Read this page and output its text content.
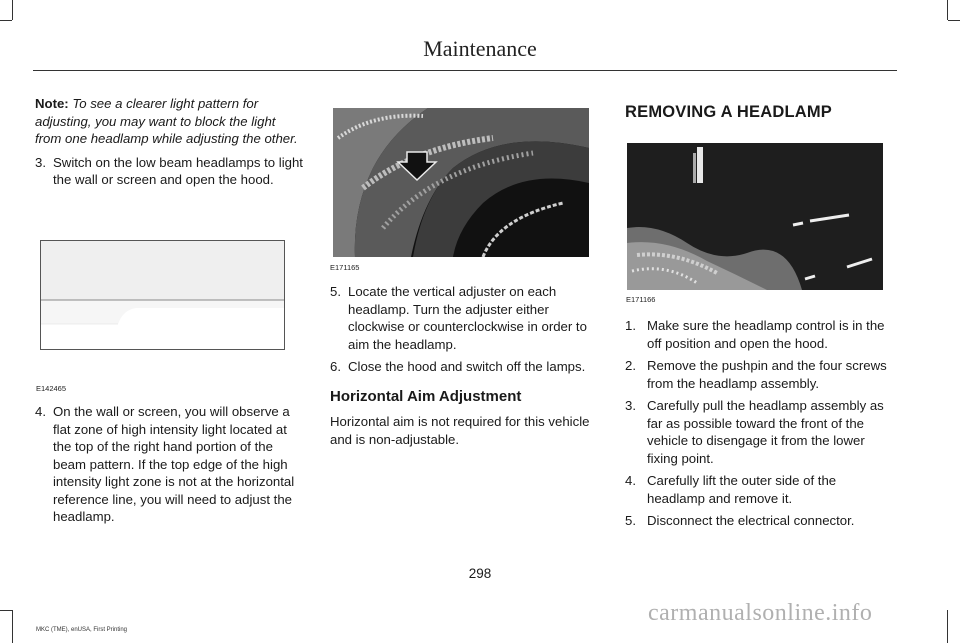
Maintenance

Note: To see a clearer light pattern for adjusting, you may want to block the light from one headlamp while adjusting the other.

3. Switch on the low beam headlamps to light the wall or screen and open the hood.

E142465

4. On the wall or screen, you will observe a flat zone of high intensity light located at the top of the right hand portion of the beam pattern. If the top edge of the high intensity light zone is not at the horizontal reference line, you will need to adjust the headlamp.

E171165

5. Locate the vertical adjuster on each headlamp. Turn the adjuster either clockwise or counterclockwise in order to aim the headlamp.

6. Close the hood and switch off the lamps.

Horizontal Aim Adjustment

Horizontal aim is not required for this vehicle and is non-adjustable.

REMOVING A HEADLAMP
E171166

1. Make sure the headlamp control is in the off position and open the hood.

2. Remove the pushpin and the four screws from the headlamp assembly.

3. Carefully pull the headlamp assembly as far as possible toward the front of the vehicle to disengage it from the lower fixing point.

4. Carefully lift the outer side of the headlamp and remove it.

5. Disconnect the electrical connector.

298
MKC (TME), enUSA, First Printing
carmanualsonline.info
